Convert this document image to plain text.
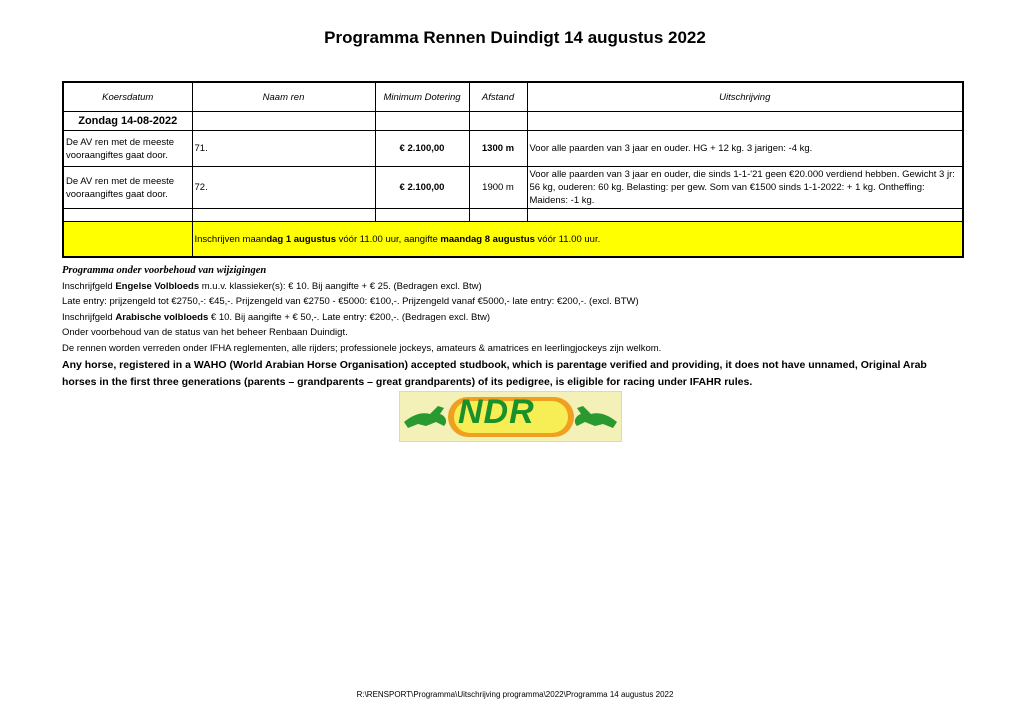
Programma Rennen Duindigt 14 augustus 2022
Koersdatum	Naam ren	Minimum Dotering	Afstand	Uitschrijving
Zondag 14-08-2022				
De AV ren met de meeste vooraangiftes gaat door.	71.	€ 2.100,00	1300 m	Voor alle paarden van 3 jaar en ouder. HG + 12 kg. 3 jarigen: -4 kg.
De AV ren met de meeste vooraangiftes gaat door.	72.	€ 2.100,00	1900 m	Voor alle paarden van 3 jaar en ouder, die sinds 1-1-'21 geen €20.000 verdiend hebben. Gewicht 3 jr: 56 kg, ouderen: 60 kg. Belasting: per gew. Som van €1500 sinds 1-1-2022: + 1 kg. Ontheffing: Maidens: -1 kg.

	Inschrijven maandag 1 augustus vóór 11.00 uur, aangifte maandag 8 augustus vóór 11.00 uur.			
Programma onder voorbehoud van wijzigingen
Inschrijfgeld Engelse Volbloeds m.u.v. klassieker(s): € 10. Bij aangifte + € 25. (Bedragen excl. Btw)
Late entry: prijzengeld tot €2750,-: €45,-. Prijzengeld van €2750 - €5000: €100,-. Prijzengeld vanaf €5000,- late entry: €200,-. (excl. BTW)
Inschrijfgeld Arabische volbloeds € 10. Bij aangifte + € 50,-. Late entry: €200,-. (Bedragen excl. Btw)
Onder voorbehoud van de status van het beheer Renbaan Duindigt.
De rennen worden verreden onder IFHA reglementen, alle rijders; professionele jockeys, amateurs & amatrices en leerlingjockeys zijn welkom.
Any horse, registered in a WAHO (World Arabian Horse Organisation) accepted studbook, which is parentage verified and providing, it does not have unnamed, Original Arab horses in the first three generations (parents – grandparents – great grandparents) of its pedigree, is eligible for racing under IFAHR rules.
NDR
R:\RENSPORT\Programma\Uitschrijving programma\2022\Programma 14 augustus 2022
